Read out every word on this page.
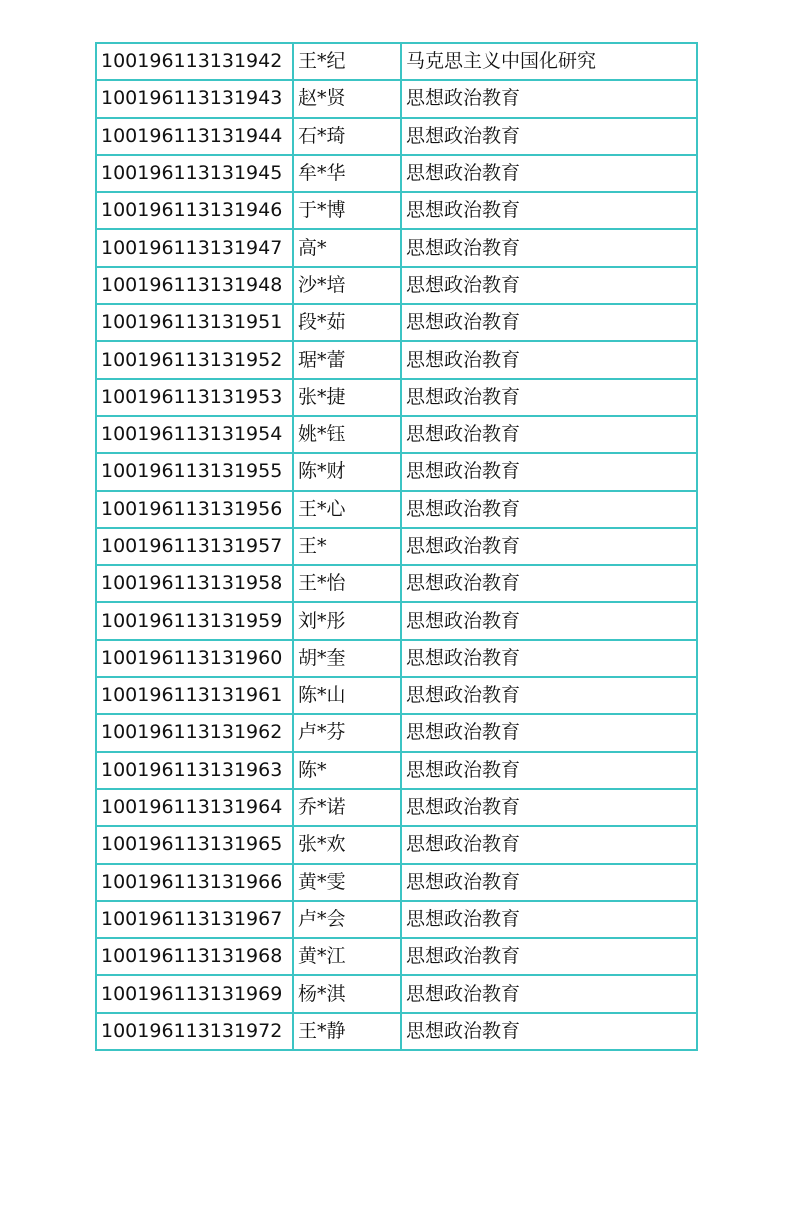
100196113131942	王*纪	马克思主义中国化研究
100196113131943	赵*贤	思想政治教育
100196113131944	石*琦	思想政治教育
100196113131945	牟*华	思想政治教育
100196113131946	于*博	思想政治教育
100196113131947	高*	思想政治教育
100196113131948	沙*培	思想政治教育
100196113131951	段*茹	思想政治教育
100196113131952	琚*蕾	思想政治教育
100196113131953	张*捷	思想政治教育
100196113131954	姚*钰	思想政治教育
100196113131955	陈*财	思想政治教育
100196113131956	王*心	思想政治教育
100196113131957	王*	思想政治教育
100196113131958	王*怡	思想政治教育
100196113131959	刘*彤	思想政治教育
100196113131960	胡*奎	思想政治教育
100196113131961	陈*山	思想政治教育
100196113131962	卢*芬	思想政治教育
100196113131963	陈*	思想政治教育
100196113131964	乔*诺	思想政治教育
100196113131965	张*欢	思想政治教育
100196113131966	黄*雯	思想政治教育
100196113131967	卢*会	思想政治教育
100196113131968	黄*江	思想政治教育
100196113131969	杨*淇	思想政治教育
100196113131972	王*静	思想政治教育
